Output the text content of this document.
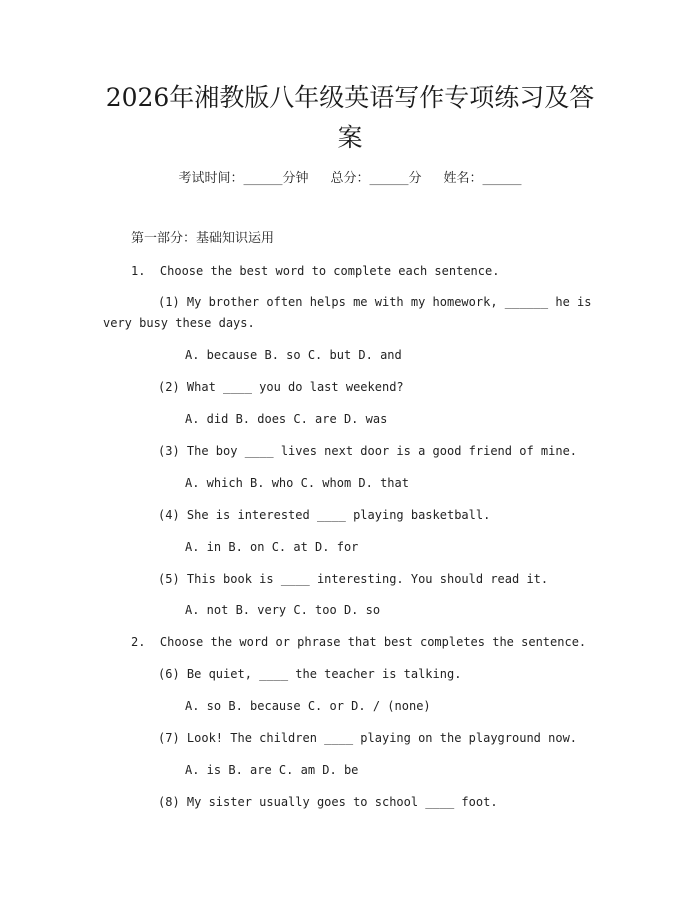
2026年湘教版八年级英语写作专项练习及答案
考试时间：______分钟 总分：______分 姓名：______
第一部分：基础知识运用
1.  Choose the best word to complete each sentence.
(1) My brother often helps me with my homework, ______ he is
very busy these days.
A. because B. so C. but D. and
(2) What ____ you do last weekend?
A. did B. does C. are D. was
(3) The boy ____ lives next door is a good friend of mine.
A. which B. who C. whom D. that
(4) She is interested ____ playing basketball.
A. in B. on C. at D. for
(5) This book is ____ interesting. You should read it.
A. not B. very C. too D. so
2.  Choose the word or phrase that best completes the sentence.
(6) Be quiet, ____ the teacher is talking.
A. so B. because C. or D. / (none)
(7) Look! The children ____ playing on the playground now.
A. is B. are C. am D. be
(8) My sister usually goes to school ____ foot.
